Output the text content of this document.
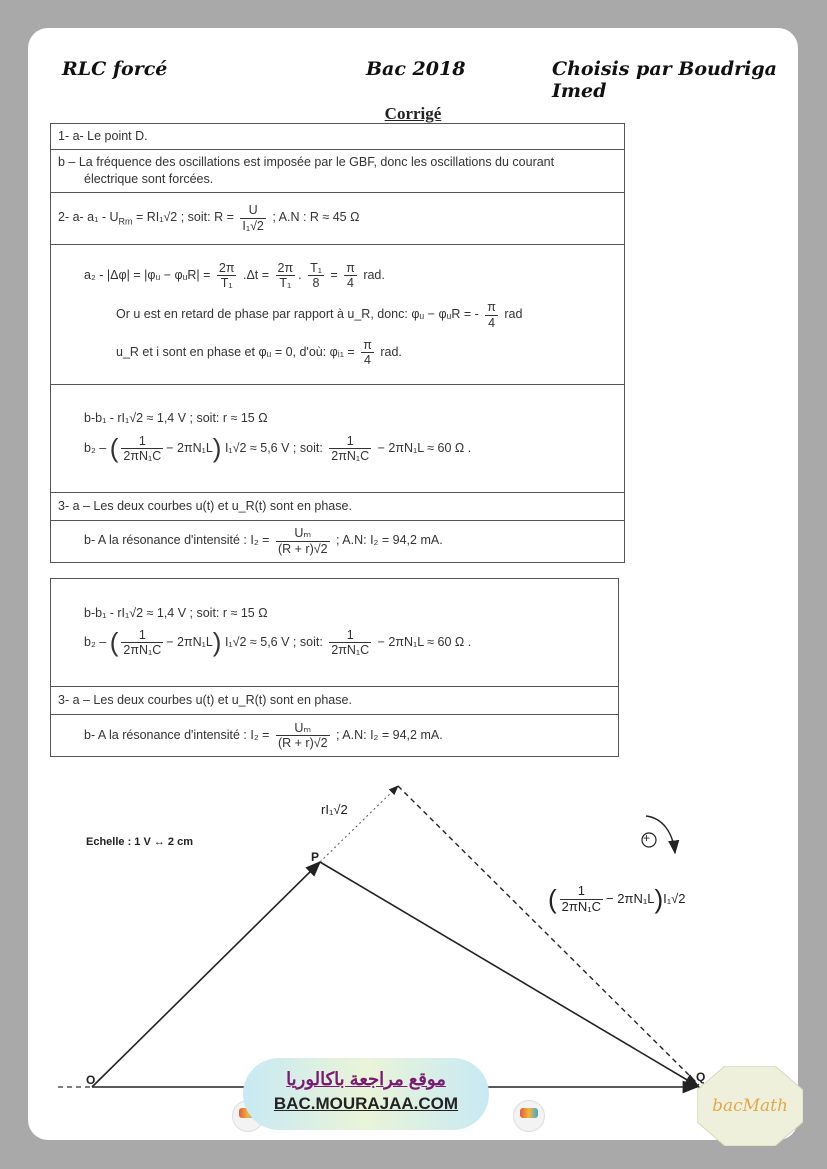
RLC forcé	Bac 2018	Choisis par Boudriga Imed
Corrigé
1- a- Le point D.
b – La fréquence des oscillations est imposée par le GBF, donc les oscillations du courant

électrique sont forcées.

2- a- $a_1 - U_{Rm} = RI_1√2$ ; soit: $R = \frac{U}{\text{I₁√2}}$ ; A.N : R ≈ 45 Ω

a₂ - |Δφ| = |φᵤ − φᵤR| = $\frac{2\pi}{\text{T₁}} .\Delta t = \frac{2\pi}{\text{T₁}}$ . $\frac{\text{T₁}}{8} = \frac{\pi}{4}$ rad.
Or u est en retard de phase par rapport à u_R, donc: φᵤ − φᵤR = - $\frac{\pi}{4}$ rad
u_R et i sont en phase et φᵤ = 0, d'où: φᵢ₁ = $\frac{\pi}{4}$ rad.

b-b₁ - rI₁√2 ≈ 1,4 V ; soit: r ≈ 15 Ω
b₂ – ( $\frac{1}{\text{2πN₁C}} - 2\pi N_1L$) I₁√2 ≈ 5,6 V ; soit: $\frac{1}{\text{2πN₁C}} - 2\pi N_1L \approx 60$ Ω .

3- a – Les deux courbes u(t) et u_R(t) sont en phase.
b- A la résonance d'intensité : $I_2 = \frac{\text{Uₘ}}{(R + r)√2}$ ; A.N: I₂ = 94,2 mA.
b-b₁ - rI₁√2 ≈ 1,4 V ; soit: r ≈ 15 Ω
b₂ – ( $\frac{1}{\text{2πN₁C}} - 2\pi N_1L$) I₁√2 ≈ 5,6 V ; soit: $\frac{1}{\text{2πN₁C}} - 2\pi N_1L \approx 60$ Ω .

3- a – Les deux courbes u(t) et u_R(t) sont en phase.
b- A la résonance d'intensité : $I_2 = \frac{\text{Uₘ}}{(R + r)√2}$ ; A.N: I₂ = 94,2 mA.
+
Echelle : 1 V ↔ 2 cm
O
P
Q
rI₁√2
( $\frac{1}{\text{2πN₁C}} - 2\pi N_1L)I_1√2$
موقع مراجعة باكالوريا
BAC.MOURAJAA.COM	bacMath
